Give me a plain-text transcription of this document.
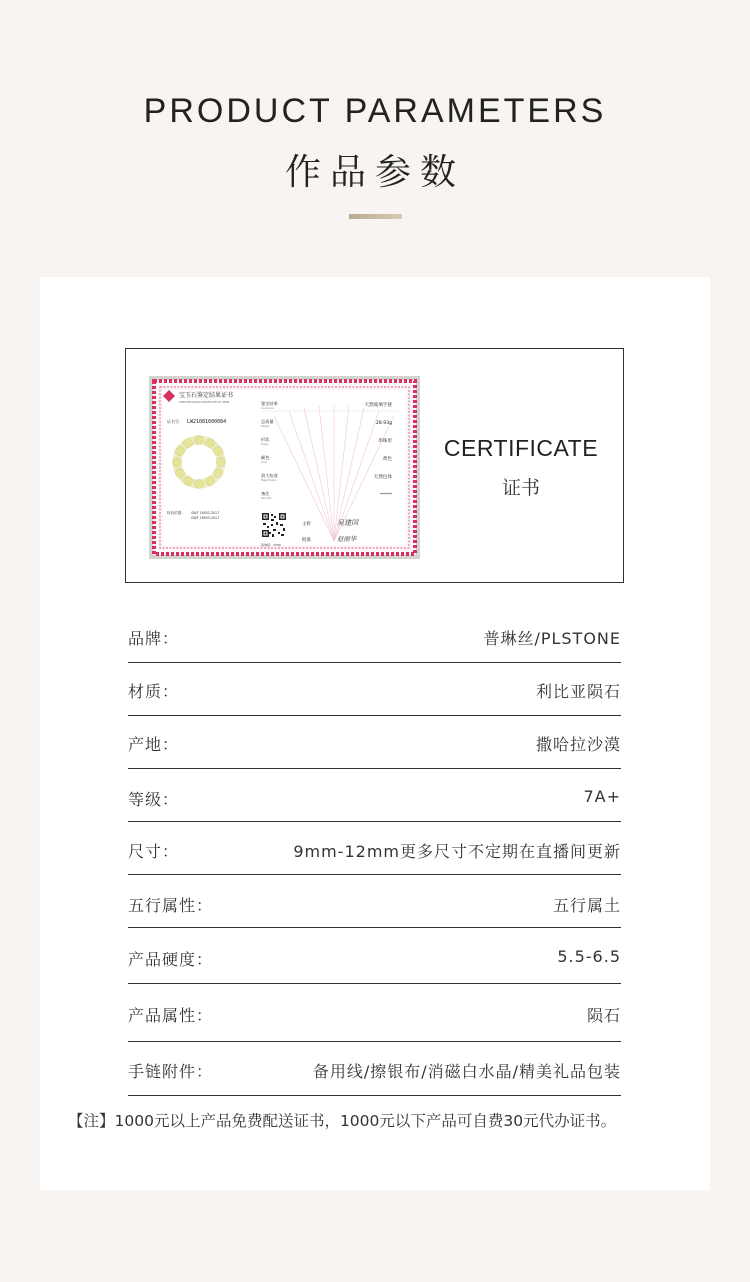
PRODUCT PARAMETERS
作品参数
宝玉石鉴定结果证书
IDENTIFICATION CERTIFICATE OF GEMS
证书号： LW21081600084
检验依据： GB/T 16552-2017
GB/T 16553-2017
鉴定结果
Conclusion
天然玻璃手链
总质量
Weight
28.93g
形状
Shape
串珠形
颜色
Color
黄色
放大检查
Magnification
天然包体
备注
Remarks
******
查询码：7700
主检
批准
吴建国
赵丽华
CERTIFICATE
证书
品牌：	普琳丝/PLSTONE
材质：	利比亚陨石
产地：	撒哈拉沙漠
等级：	7A+
尺寸：	9mm-12mm更多尺寸不定期在直播间更新
五行属性：	五行属土
产品硬度：	5.5-6.5
产品属性：	陨石
手链附件：	备用线/擦银布/消磁白水晶/精美礼品包装
【注】1000元以上产品免费配送证书，1000元以下产品可自费30元代办证书。
